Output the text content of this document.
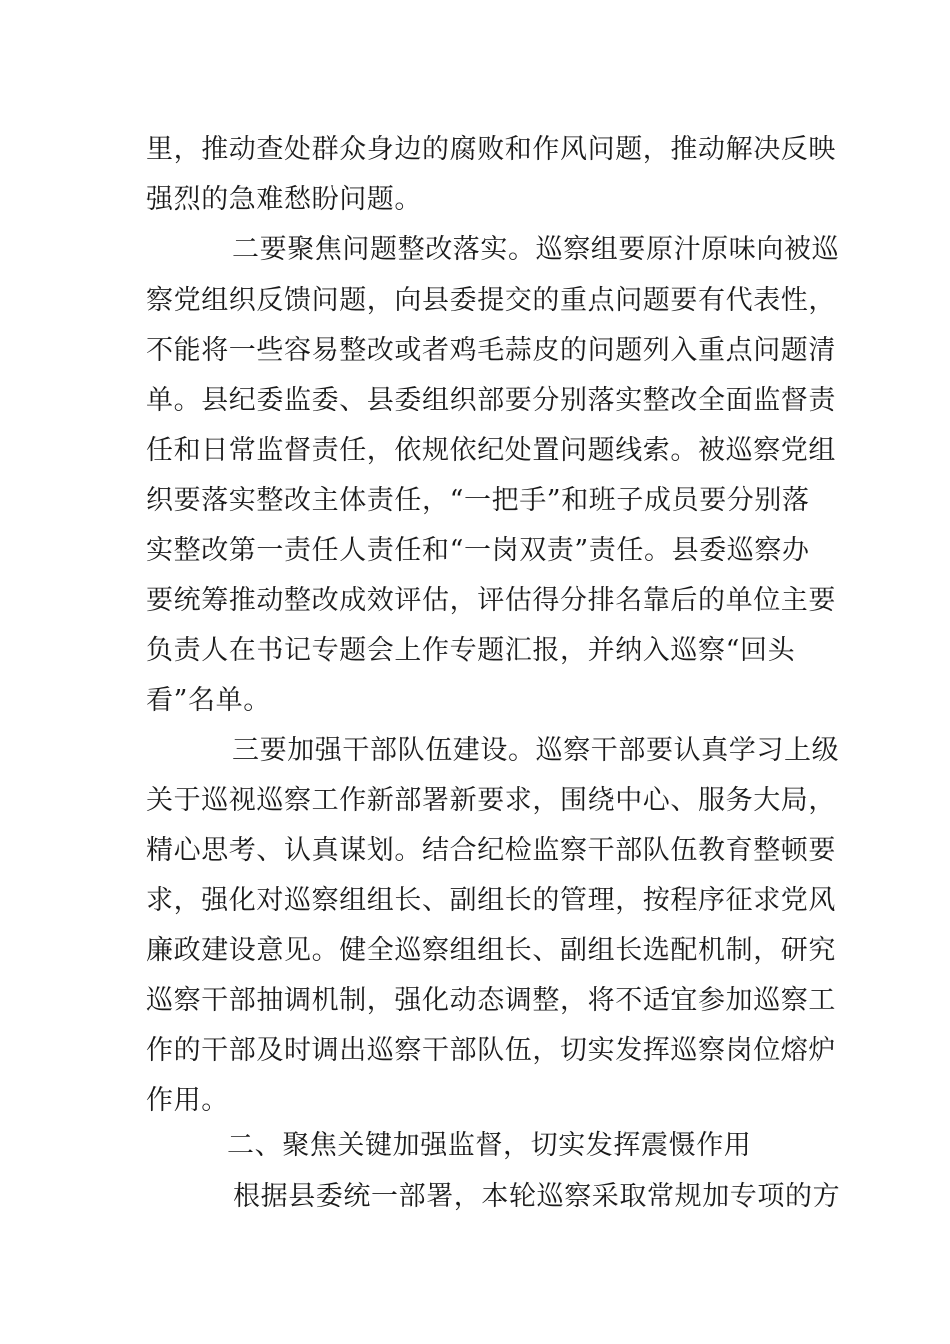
里，推动查处群众身边的腐败和作风问题，推动解决反映
强烈的急难愁盼问题。
二要聚焦问题整改落实。巡察组要原汁原味向被巡
察党组织反馈问题，向县委提交的重点问题要有代表性，
不能将一些容易整改或者鸡毛蒜皮的问题列入重点问题清
单。县纪委监委、县委组织部要分别落实整改全面监督责
任和日常监督责任，依规依纪处置问题线索。被巡察党组
织要落实整改主体责任，“一把手”和班子成员要分别落
实整改第一责任人责任和“一岗双责”责任。县委巡察办
要统筹推动整改成效评估，评估得分排名靠后的单位主要
负责人在书记专题会上作专题汇报，并纳入巡察“回头
看”名单。
三要加强干部队伍建设。巡察干部要认真学习上级
关于巡视巡察工作新部署新要求，围绕中心、服务大局，
精心思考、认真谋划。结合纪检监察干部队伍教育整顿要
求，强化对巡察组组长、副组长的管理，按程序征求党风
廉政建设意见。健全巡察组组长、副组长选配机制，研究
巡察干部抽调机制，强化动态调整，将不适宜参加巡察工
作的干部及时调出巡察干部队伍，切实发挥巡察岗位熔炉
作用。
二、聚焦关键加强监督，切实发挥震慑作用
根据县委统一部署，本轮巡察采取常规加专项的方
